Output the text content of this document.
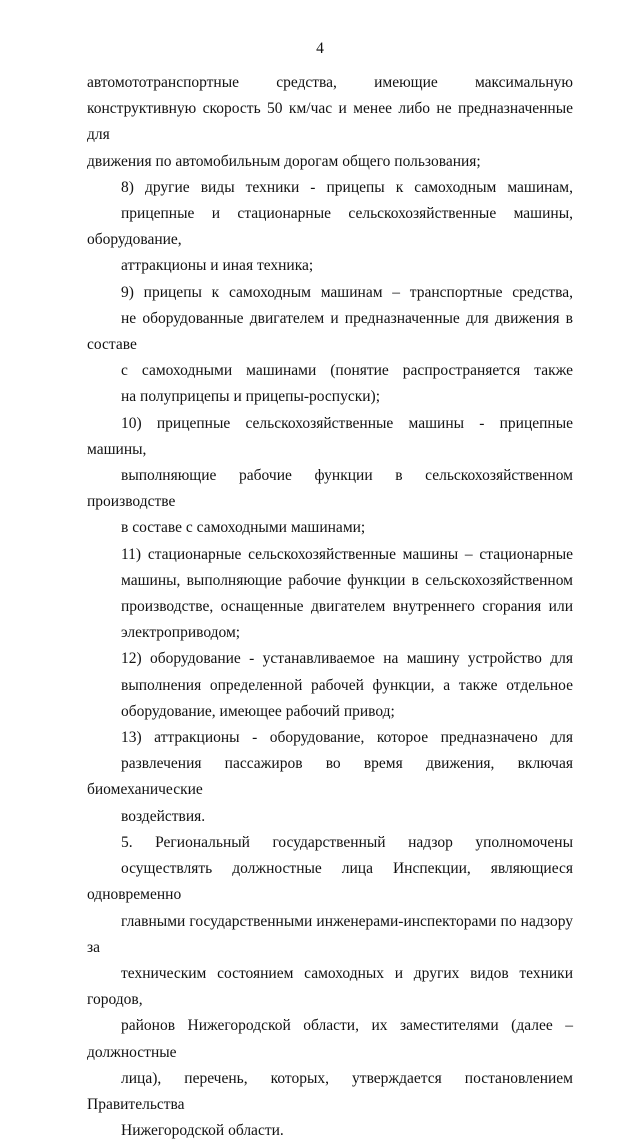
4

автомототранспортные средства, имеющие максимальную
конструктивную скорость 50 км/час и менее либо не предназначенные для
движения по автомобильным дорогам общего пользования;

8) другие виды техники - прицепы к самоходным машинам,
прицепные и стационарные сельскохозяйственные машины, оборудование,
аттракционы и иная техника;

9) прицепы к самоходным машинам – транспортные средства,
не оборудованные двигателем и предназначенные для движения в составе
с самоходными машинами (понятие распространяется также
на полуприцепы и прицепы-роспуски);

10) прицепные сельскохозяйственные машины - прицепные машины,
выполняющие рабочие функции в сельскохозяйственном производстве
в составе с самоходными машинами;

11) стационарные сельскохозяйственные машины – стационарные
машины, выполняющие рабочие функции в сельскохозяйственном
производстве, оснащенные двигателем внутреннего сгорания или
электроприводом;

12) оборудование - устанавливаемое на машину устройство для
выполнения определенной рабочей функции, а также отдельное
оборудование, имеющее рабочий привод;

13) аттракционы - оборудование, которое предназначено для
развлечения пассажиров во время движения, включая биомеханические
воздействия.

5. Региональный государственный надзор уполномочены
осуществлять должностные лица Инспекции, являющиеся одновременно
главными государственными инженерами-инспекторами по надзору за
техническим состоянием самоходных и других видов техники городов,
районов Нижегородской области, их заместителями (далее – должностные
лица), перечень, которых, утверждается постановлением Правительства
Нижегородской области.
